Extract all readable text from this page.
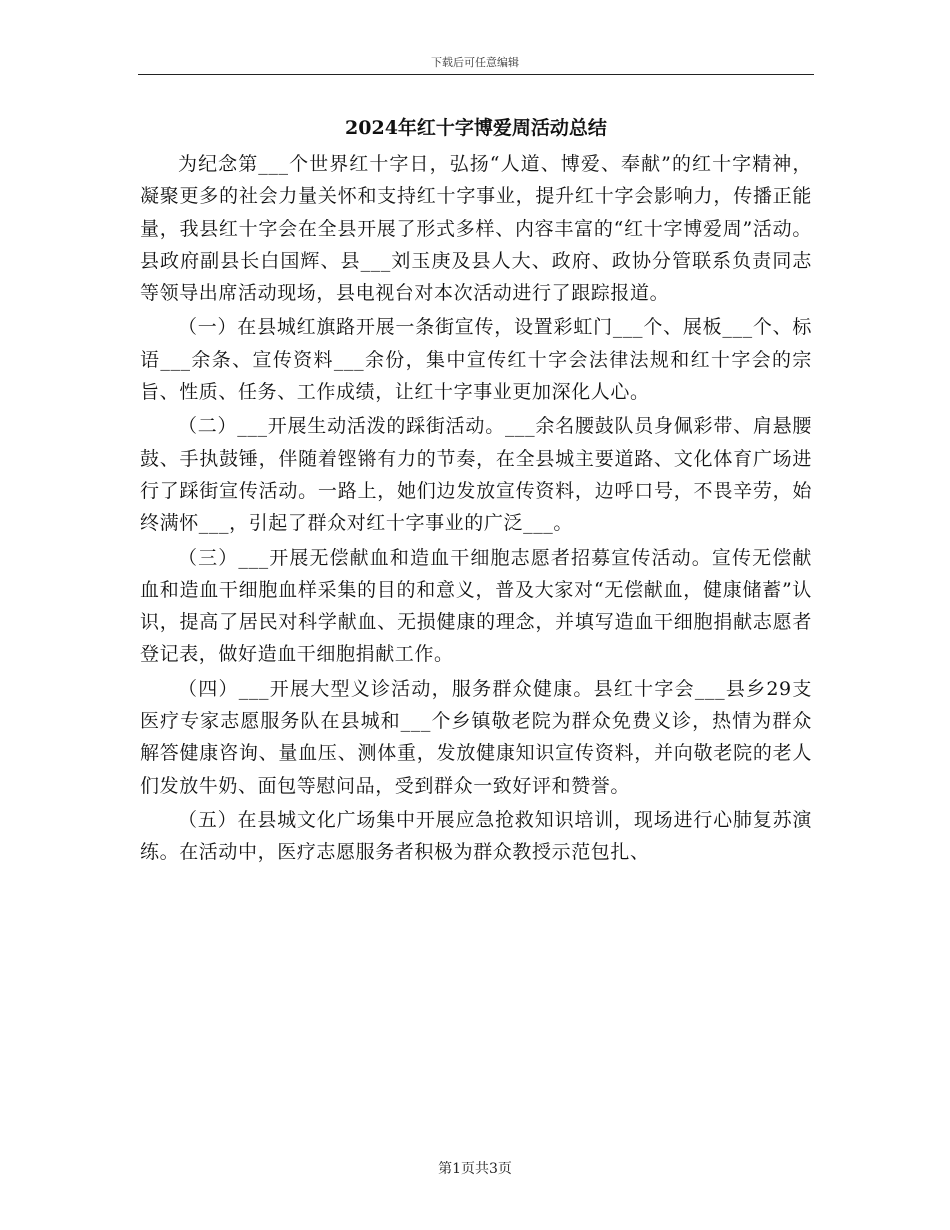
下载后可任意编辑
2024年红十字博爱周活动总结

为纪念第___个世界红十字日，弘扬“人道、博爱、奉献”的红十字精神，凝聚更多的社会力量关怀和支持红十字事业，提升红十字会影响力，传播正能量，我县红十字会在全县开展了形式多样、内容丰富的“红十字博爱周”活动。县政府副县长白国辉、县___刘玉庚及县人大、政府、政协分管联系负责同志等领导出席活动现场，县电视台对本次活动进行了跟踪报道。

（一）在县城红旗路开展一条街宣传，设置彩虹门___个、展板___个、标语___余条、宣传资料___余份，集中宣传红十字会法律法规和红十字会的宗旨、性质、任务、工作成绩，让红十字事业更加深化人心。

（二）___开展生动活泼的踩街活动。___余名腰鼓队员身佩彩带、肩悬腰鼓、手执鼓锤，伴随着铿锵有力的节奏，在全县城主要道路、文化体育广场进行了踩街宣传活动。一路上，她们边发放宣传资料，边呼口号，不畏辛劳，始终满怀___，引起了群众对红十字事业的广泛___。

（三）___开展无偿献血和造血干细胞志愿者招募宣传活动。宣传无偿献血和造血干细胞血样采集的目的和意义，普及大家对“无偿献血，健康储蓄”认识，提高了居民对科学献血、无损健康的理念，并填写造血干细胞捐献志愿者登记表，做好造血干细胞捐献工作。

（四）___开展大型义诊活动，服务群众健康。县红十字会___县乡29支医疗专家志愿服务队在县城和___个乡镇敬老院为群众免费义诊，热情为群众解答健康咨询、量血压、测体重，发放健康知识宣传资料，并向敬老院的老人们发放牛奶、面包等慰问品，受到群众一致好评和赞誉。

（五）在县城文化广场集中开展应急抢救知识培训，现场进行心肺复苏演练。在活动中，医疗志愿服务者积极为群众教授示范包扎、

第1页共3页
